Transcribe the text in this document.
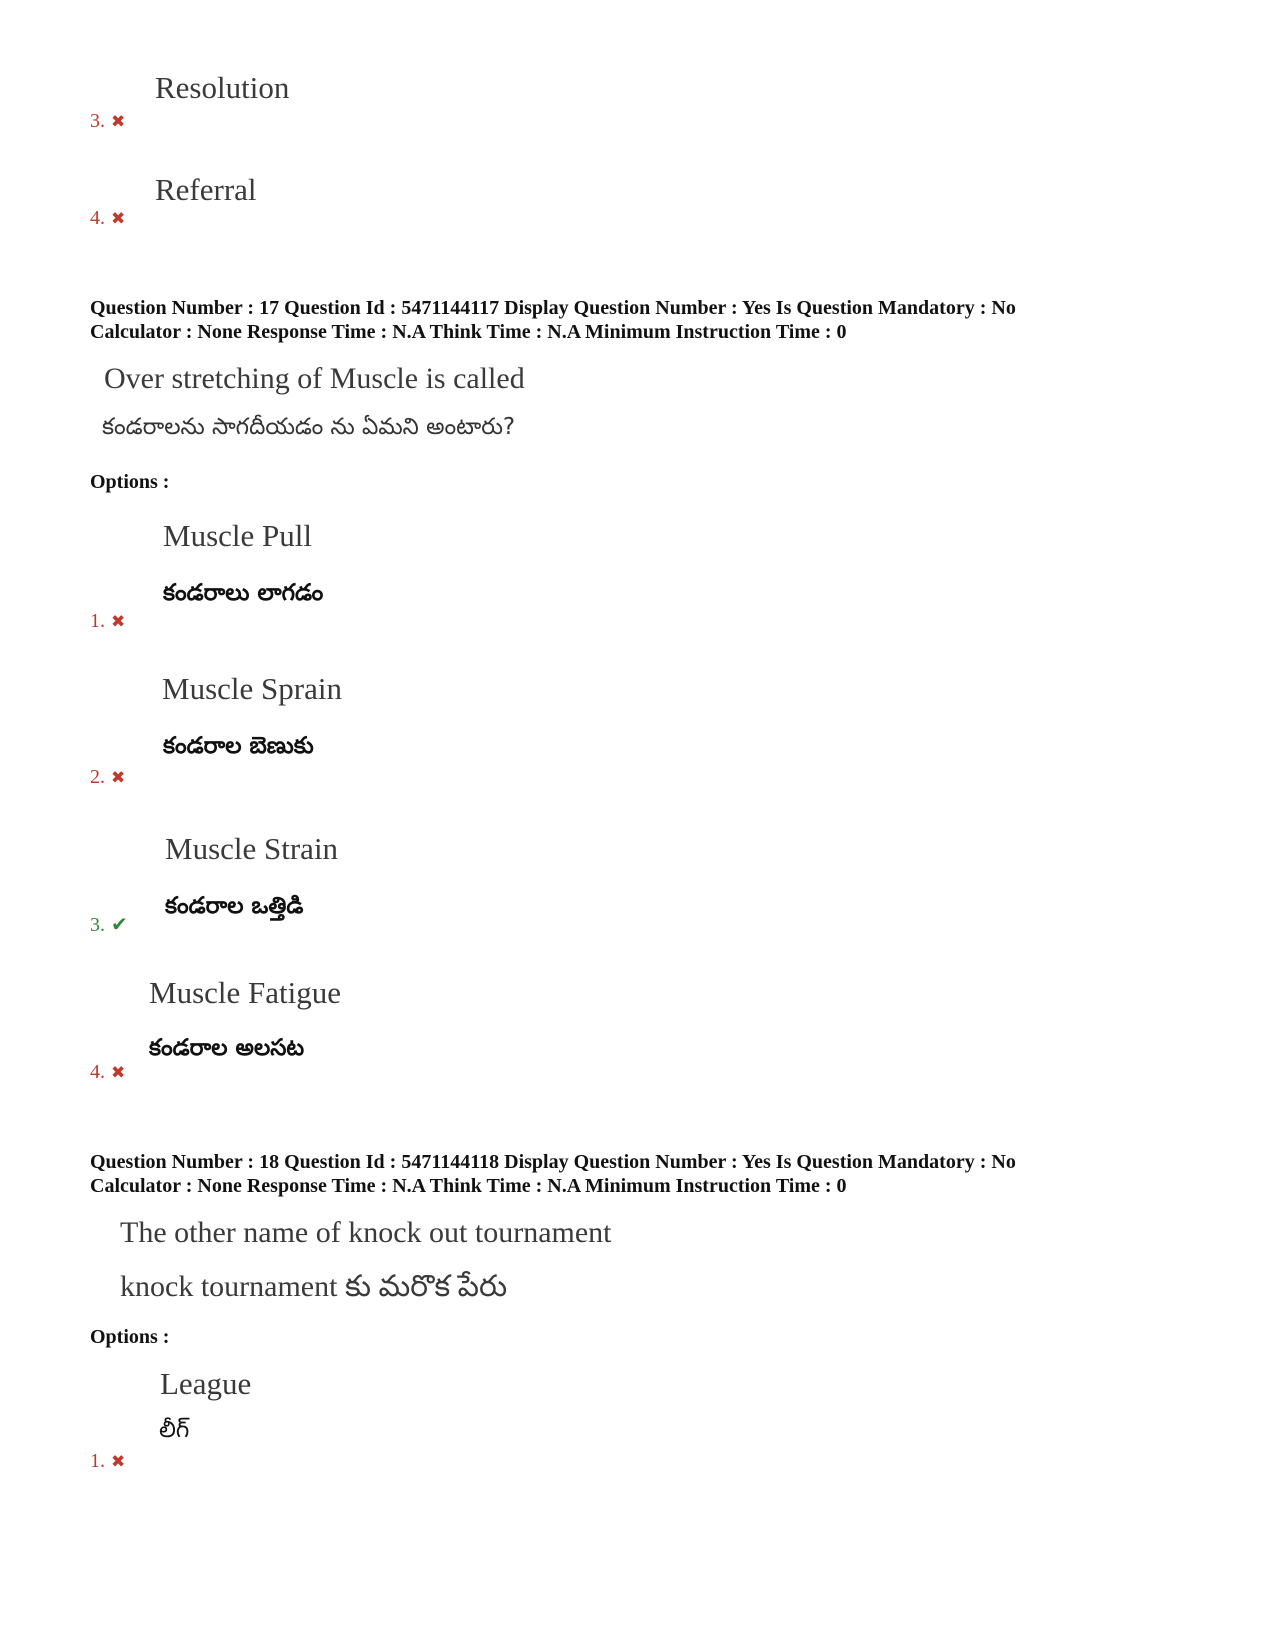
Resolution
3. ✖
Referral
4. ✖
Question Number : 17 Question Id : 5471144117 Display Question Number : Yes Is Question Mandatory : No
Calculator : None Response Time : N.A Think Time : N.A Minimum Instruction Time : 0
Over stretching of Muscle is called
కండరాలను సాగదీయడం ను ఏమని అంటారు?
Options :
Muscle Pull
కండరాలు లాగడం
1. ✖
Muscle Sprain
కండరాల బెణుకు
2. ✖
Muscle Strain
కండరాల ఒత్తిడి
3. ✔
Muscle Fatigue
కండరాల అలసట
4. ✖
Question Number : 18 Question Id : 5471144118 Display Question Number : Yes Is Question Mandatory : No
Calculator : None Response Time : N.A Think Time : N.A Minimum Instruction Time : 0
The other name of knock out tournament
knock tournament కు మరొక పేరు
Options :
League
లీగ్
1. ✖
